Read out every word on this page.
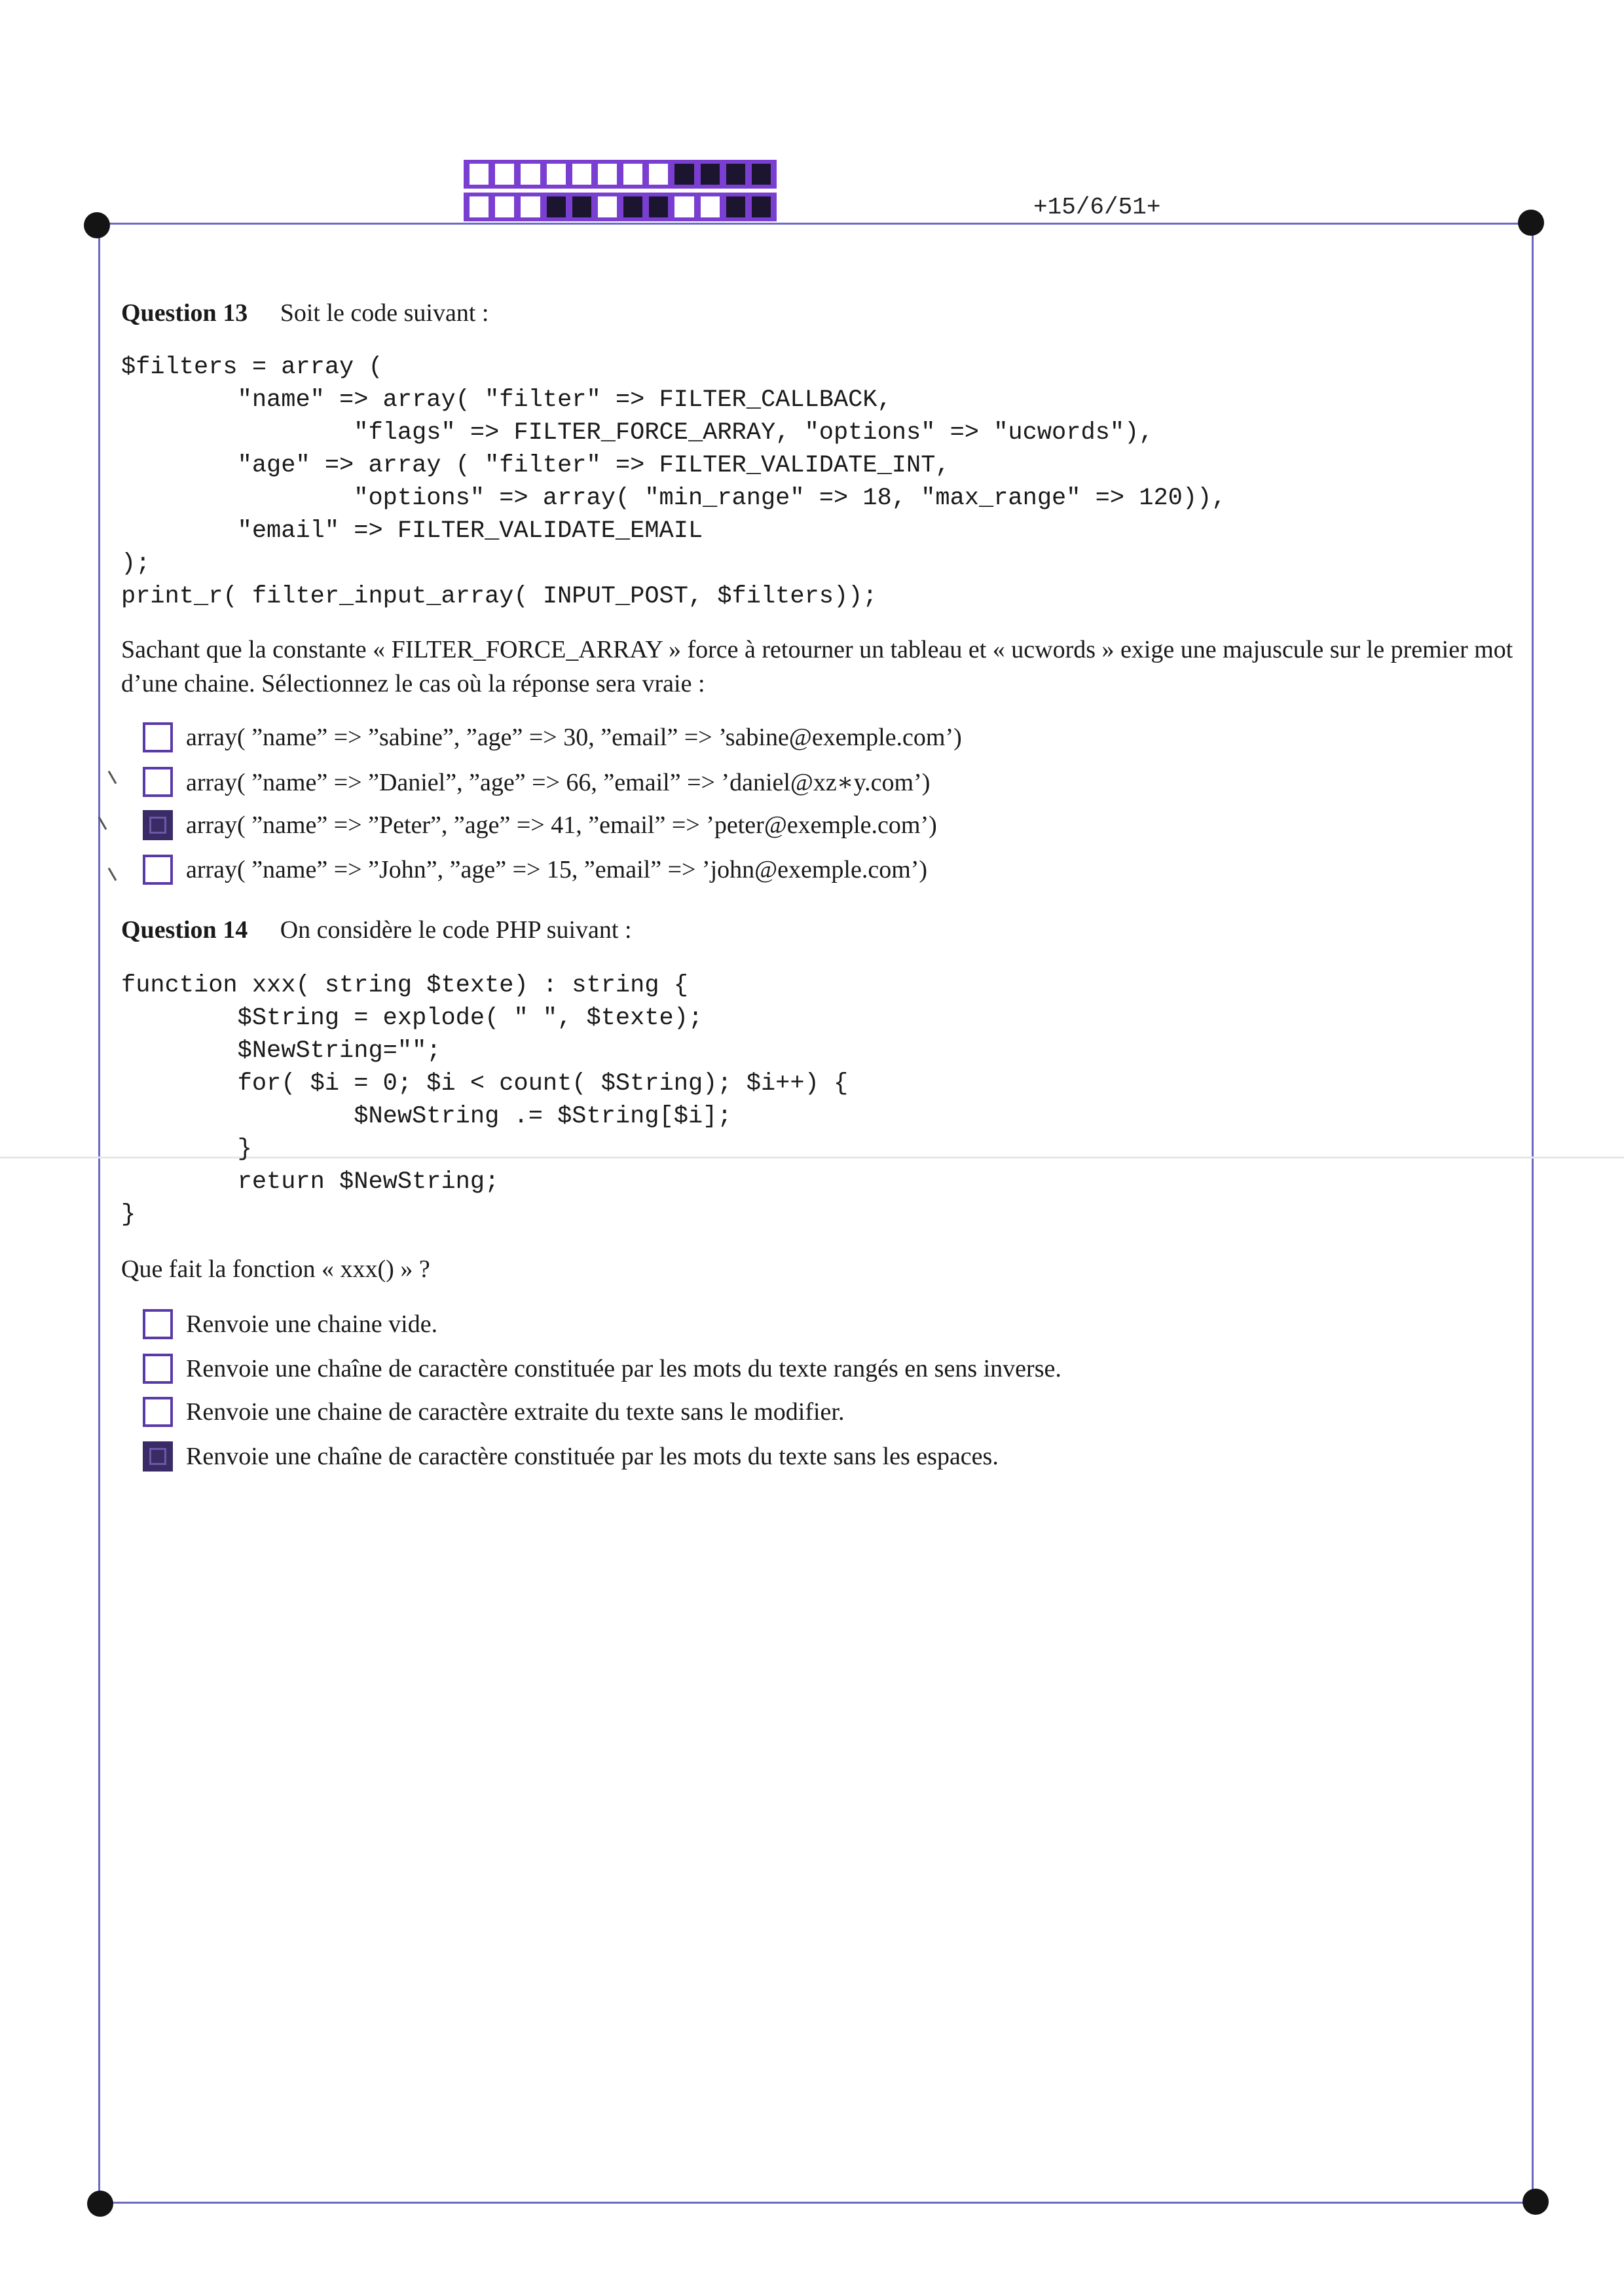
+15/6/51+
Question 13 Soit le code suivant :
$filters = array (
"name" => array( "filter" => FILTER_CALLBACK,
"flags" => FILTER_FORCE_ARRAY, "options" => "ucwords"),
"age" => array ( "filter" => FILTER_VALIDATE_INT,
"options" => array( "min_range" => 18, "max_range" => 120)),
"email" => FILTER_VALIDATE_EMAIL
);
print_r( filter_input_array( INPUT_POST, $filters));

Sachant que la constante « FILTER_FORCE_ARRAY » force à retourner un tableau et « ucwords » exige une majuscule sur le premier mot d’une chaine. Sélectionnez le cas où la réponse sera vraie :

array( ”name” => ”sabine”, ”age” => 30, ”email” => ’sabine@exemple.com’)
array( ”name” => ”Daniel”, ”age” => 66, ”email” => ’daniel@xz∗y.com’)
array( ”name” => ”Peter”, ”age” => 41, ”email” => ’peter@exemple.com’)
array( ”name” => ”John”, ”age” => 15, ”email” => ’john@exemple.com’)
Question 14 On considère le code PHP suivant :
function xxx( string $texte) : string {
$String = explode( " ", $texte);
$NewString="";
for( $i = 0; $i < count( $String); $i++) {
$NewString .= $String[$i];
}
return $NewString;
}

Que fait la fonction « xxx() » ?

Renvoie une chaine vide.
Renvoie une chaîne de caractère constituée par les mots du texte rangés en sens inverse.
Renvoie une chaine de caractère extraite du texte sans le modifier.
Renvoie une chaîne de caractère constituée par les mots du texte sans les espaces.
